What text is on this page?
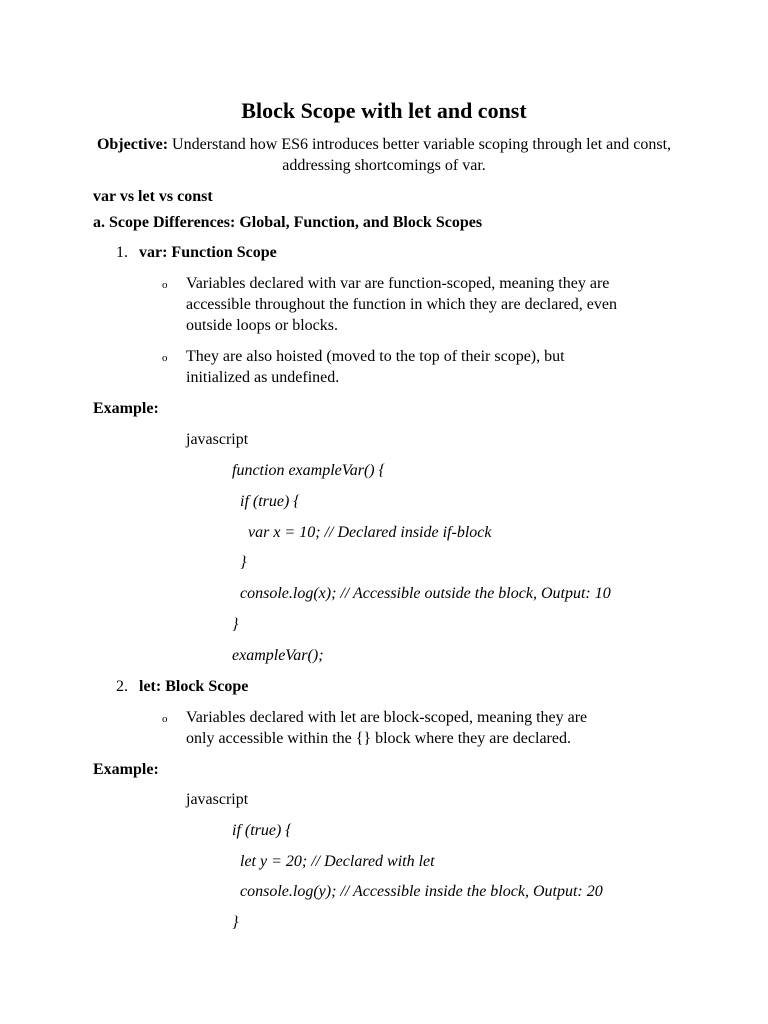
Block Scope with let and const
Objective: Understand how ES6 introduces better variable scoping through let and const, addressing shortcomings of var.
var vs let vs const
a. Scope Differences: Global, Function, and Block Scopes
1. var: Function Scope
o Variables declared with var are function-scoped, meaning they are
accessible throughout the function in which they are declared, even
outside loops or blocks.
o They are also hoisted (moved to the top of their scope), but
initialized as undefined.
Example:
javascript
function exampleVar() {
if (true) {
var x = 10; // Declared inside if-block
}
console.log(x); // Accessible outside the block, Output: 10
}
exampleVar();
2. let: Block Scope
o Variables declared with let are block-scoped, meaning they are
only accessible within the {} block where they are declared.
Example:
javascript
if (true) {
let y = 20; // Declared with let
console.log(y); // Accessible inside the block, Output: 20
}
